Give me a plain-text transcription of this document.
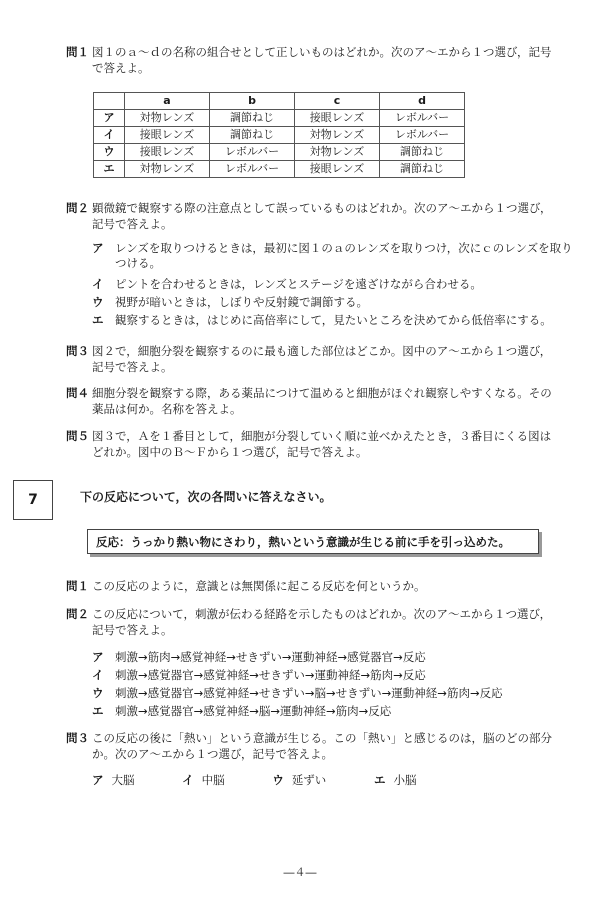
問１ 図１のａ～ｄの名称の組合せとして正しいものはどれか。次のア～エから１つ選び，記号で答えよ。
	a	b	c	d
ア	対物レンズ	調節ねじ	接眼レンズ	レボルバー
イ	接眼レンズ	調節ねじ	対物レンズ	レボルバー
ウ	接眼レンズ	レボルバー	対物レンズ	調節ねじ
エ	対物レンズ	レボルバー	接眼レンズ	調節ねじ
問２ 顕微鏡で観察する際の注意点として誤っているものはどれか。次のア～エから１つ選び，記号で答えよ。
ア	レンズを取りつけるときは，最初に図１のａのレンズを取りつけ，次にｃのレンズを取りつける。
イ	ピントを合わせるときは，レンズとステージを遠ざけながら合わせる。
ウ	視野が暗いときは，しぼりや反射鏡で調節する。
エ	観察するときは，はじめに高倍率にして，見たいところを決めてから低倍率にする。
問３ 図２で，細胞分裂を観察するのに最も適した部位はどこか。図中のア～エから１つ選び，記号で答えよ。
問４ 細胞分裂を観察する際，ある薬品につけて温めると細胞がほぐれ観察しやすくなる。その薬品は何か。名称を答えよ。
問５ 図３で，Ａを１番目として，細胞が分裂していく順に並べかえたとき，３番目にくる図はどれか。図中のＢ～Ｆから１つ選び，記号で答えよ。
7	下の反応について，次の各問いに答えなさい。
反応：うっかり熱い物にさわり，熱いという意識が生じる前に手を引っ込めた。
問１ この反応のように，意識とは無関係に起こる反応を何というか。
問２ この反応について，刺激が伝わる経路を示したものはどれか。次のア～エから１つ選び，記号で答えよ。
ア	刺激→筋肉→感覚神経→せきずい→運動神経→感覚器官→反応
イ	刺激→感覚器官→感覚神経→せきずい→運動神経→筋肉→反応
ウ	刺激→感覚器官→感覚神経→せきずい→脳→せきずい→運動神経→筋肉→反応
エ	刺激→感覚器官→感覚神経→脳→運動神経→筋肉→反応
問３ この反応の後に「熱い」という意識が生じる。この「熱い」と感じるのは，脳のどの部分か。次のア～エから１つ選び，記号で答えよ。
ア 大脳	イ 中脳	ウ 延ずい	エ 小脳
―４―
